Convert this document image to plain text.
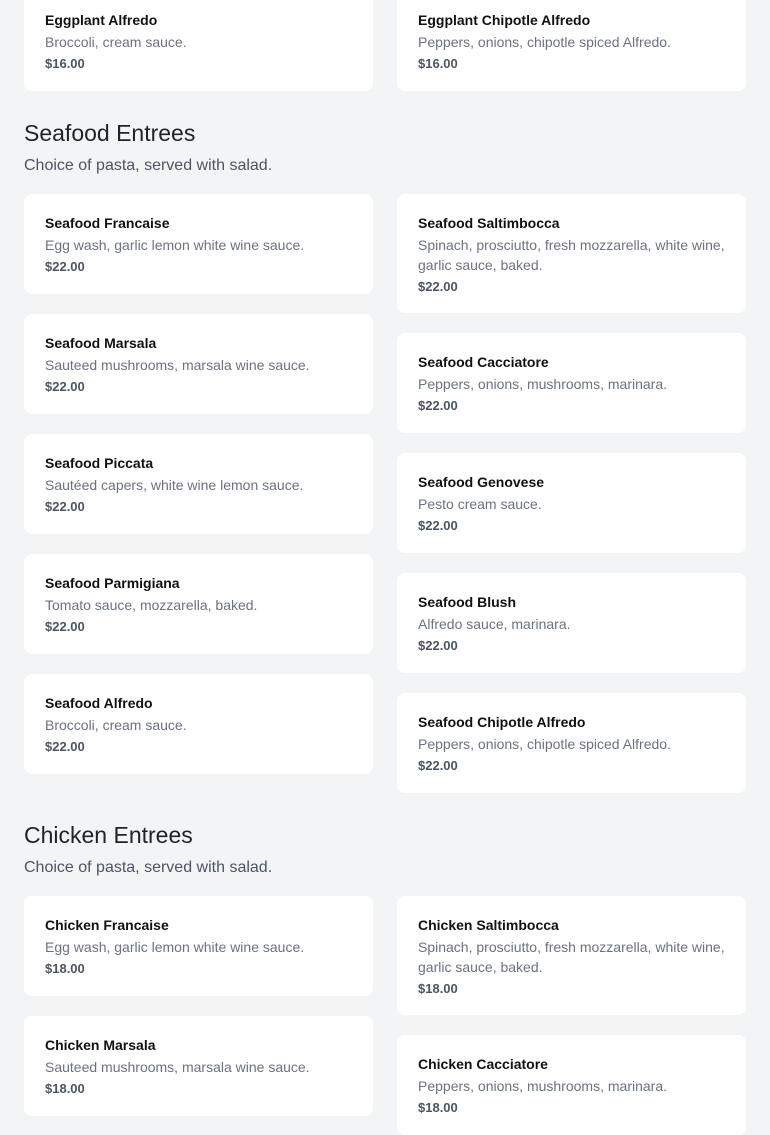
Eggplant Alfredo

Broccoli, cream sauce.

$16.00

Eggplant Chipotle Alfredo

Peppers, onions, chipotle spiced Alfredo.

$16.00

Seafood Entrees

Choice of pasta, served with salad.

Seafood Francaise

Egg wash, garlic lemon white wine sauce.

$22.00

Seafood Marsala

Sauteed mushrooms, marsala wine sauce.

$22.00

Seafood Piccata

Sautéed capers, white wine lemon sauce.

$22.00

Seafood Parmigiana

Tomato sauce, mozzarella, baked.

$22.00

Seafood Alfredo

Broccoli, cream sauce.

$22.00

Seafood Saltimbocca

Spinach, prosciutto, fresh mozzarella, white wine, garlic sauce, baked.

$22.00

Seafood Cacciatore

Peppers, onions, mushrooms, marinara.

$22.00

Seafood Genovese

Pesto cream sauce.

$22.00

Seafood Blush

Alfredo sauce, marinara.

$22.00

Seafood Chipotle Alfredo

Peppers, onions, chipotle spiced Alfredo.

$22.00

Chicken Entrees

Choice of pasta, served with salad.

Chicken Francaise

Egg wash, garlic lemon white wine sauce.

$18.00

Chicken Marsala

Sauteed mushrooms, marsala wine sauce.

$18.00

Chicken Saltimbocca

Spinach, prosciutto, fresh mozzarella, white wine, garlic sauce, baked.

$18.00

Chicken Cacciatore

Peppers, onions, mushrooms, marinara.

$18.00
